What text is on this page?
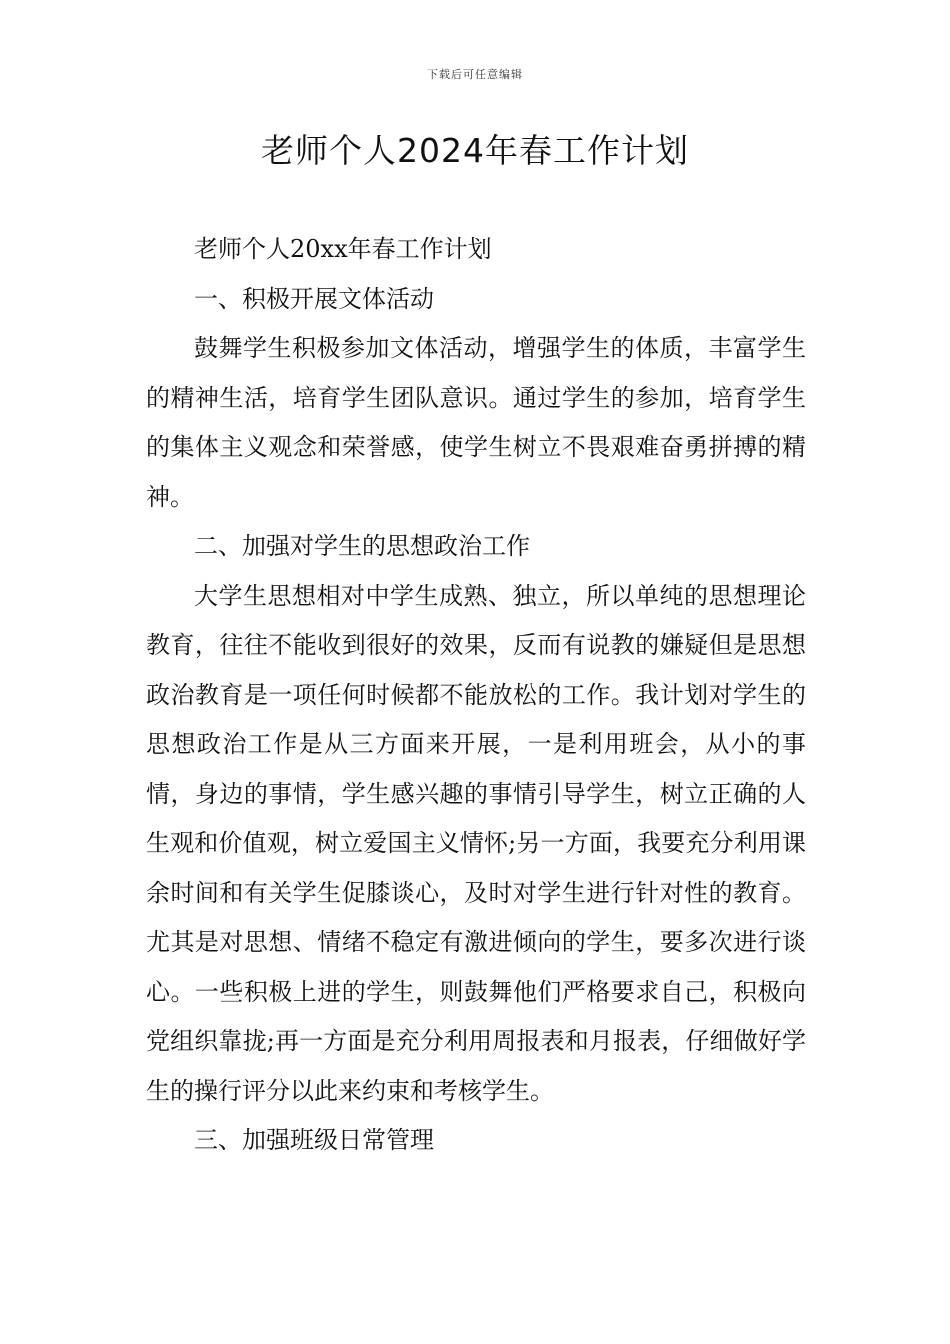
下载后可任意编辑
老师个人2024年春工作计划

老师个人20xx年春工作计划

一、积极开展文体活动

鼓舞学生积极参加文体活动，增强学生的体质，丰富学生的精神生活，培育学生团队意识。通过学生的参加，培育学生的集体主义观念和荣誉感，使学生树立不畏艰难奋勇拼搏的精神。

二、加强对学生的思想政治工作

大学生思想相对中学生成熟、独立，所以单纯的思想理论教育，往往不能收到很好的效果，反而有说教的嫌疑但是思想政治教育是一项任何时候都不能放松的工作。我计划对学生的思想政治工作是从三方面来开展，一是利用班会，从小的事情，身边的事情，学生感兴趣的事情引导学生，树立正确的人生观和价值观，树立爱国主义情怀;另一方面，我要充分利用课余时间和有关学生促膝谈心，及时对学生进行针对性的教育。尤其是对思想、情绪不稳定有激进倾向的学生，要多次进行谈心。一些积极上进的学生，则鼓舞他们严格要求自己，积极向党组织靠拢;再一方面是充分利用周报表和月报表，仔细做好学生的操行评分以此来约束和考核学生。

三、加强班级日常管理
